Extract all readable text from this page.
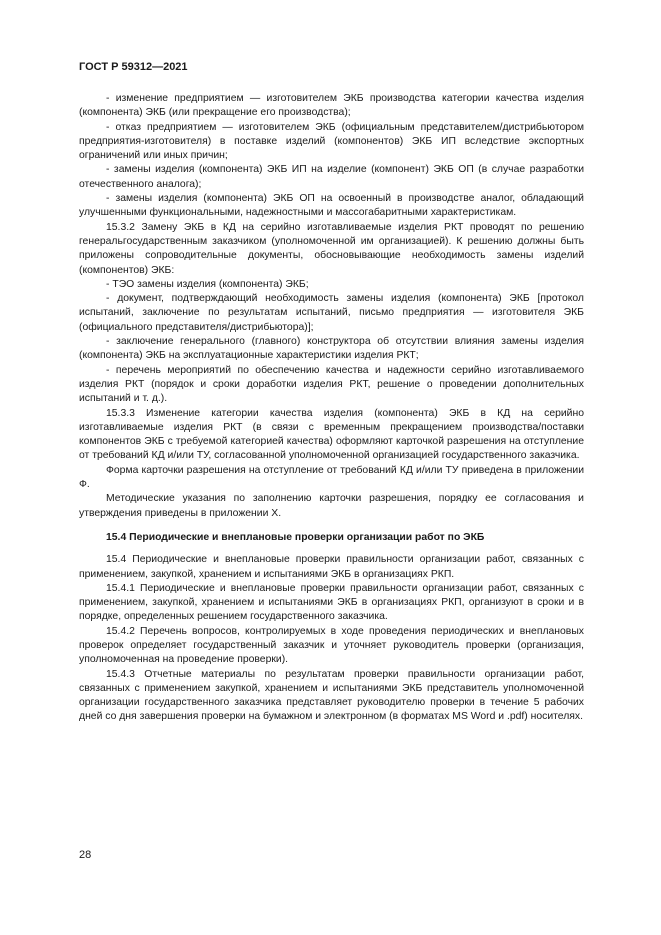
ГОСТ Р 59312—2021

- изменение предприятием — изготовителем ЭКБ производства категории качества изделия (компонента) ЭКБ (или прекращение его производства);

- отказ предприятием — изготовителем ЭКБ (официальным представителем/дистрибьютором предприятия-изготовителя) в поставке изделий (компонентов) ЭКБ ИП вследствие экспортных ограничений или иных причин;

- замены изделия (компонента) ЭКБ ИП на изделие (компонент) ЭКБ ОП (в случае разработки отечественного аналога);

- замены изделия (компонента) ЭКБ ОП на освоенный в производстве аналог, обладающий улучшенными функциональными, надежностными и массогабаритными характеристикам.

15.3.2 Замену ЭКБ в КД на серийно изготавливаемые изделия РКТ проводят по решению генеральгосударственным заказчиком (уполномоченной им организацией). К решению должны быть приложены сопроводительные документы, обосновывающие необходимость замены изделий (компонентов) ЭКБ:

- ТЭО замены изделия (компонента) ЭКБ;

- документ, подтверждающий необходимость замены изделия (компонента) ЭКБ [протокол испытаний, заключение по результатам испытаний, письмо предприятия — изготовителя ЭКБ (официального представителя/дистрибьютора)];

- заключение генерального (главного) конструктора об отсутствии влияния замены изделия (компонента) ЭКБ на эксплуатационные характеристики изделия РКТ;

- перечень мероприятий по обеспечению качества и надежности серийно изготавливаемого изделия РКТ (порядок и сроки доработки изделия РКТ, решение о проведении дополнительных испытаний и т. д.).

15.3.3 Изменение категории качества изделия (компонента) ЭКБ в КД на серийно изготавливаемые изделия РКТ (в связи с временным прекращением производства/поставки компонентов ЭКБ с требуемой категорией качества) оформляют карточкой разрешения на отступление от требований КД и/или ТУ, согласованной уполномоченной организацией государственного заказчика.

Форма карточки разрешения на отступление от требований КД и/или ТУ приведена в приложении Ф.

Методические указания по заполнению карточки разрешения, порядку ее согласования и утверждения приведены в приложении Х.

15.4 Периодические и внеплановые проверки организации работ по ЭКБ

15.4 Периодические и внеплановые проверки правильности организации работ, связанных с применением, закупкой, хранением и испытаниями ЭКБ в организациях РКП.

15.4.1 Периодические и внеплановые проверки правильности организации работ, связанных с применением, закупкой, хранением и испытаниями ЭКБ в организациях РКП, организуют в сроки и в порядке, определенных решением государственного заказчика.

15.4.2 Перечень вопросов, контролируемых в ходе проведения периодических и внеплановых проверок определяет государственный заказчик и уточняет руководитель проверки (организация, уполномоченная на проведение проверки).

15.4.3 Отчетные материалы по результатам проверки правильности организации работ, связанных с применением закупкой, хранением и испытаниями ЭКБ представитель уполномоченной организации государственного заказчика представляет руководителю проверки в течение 5 рабочих дней со дня завершения проверки на бумажном и электронном (в форматах MS Word и .pdf) носителях.

28
